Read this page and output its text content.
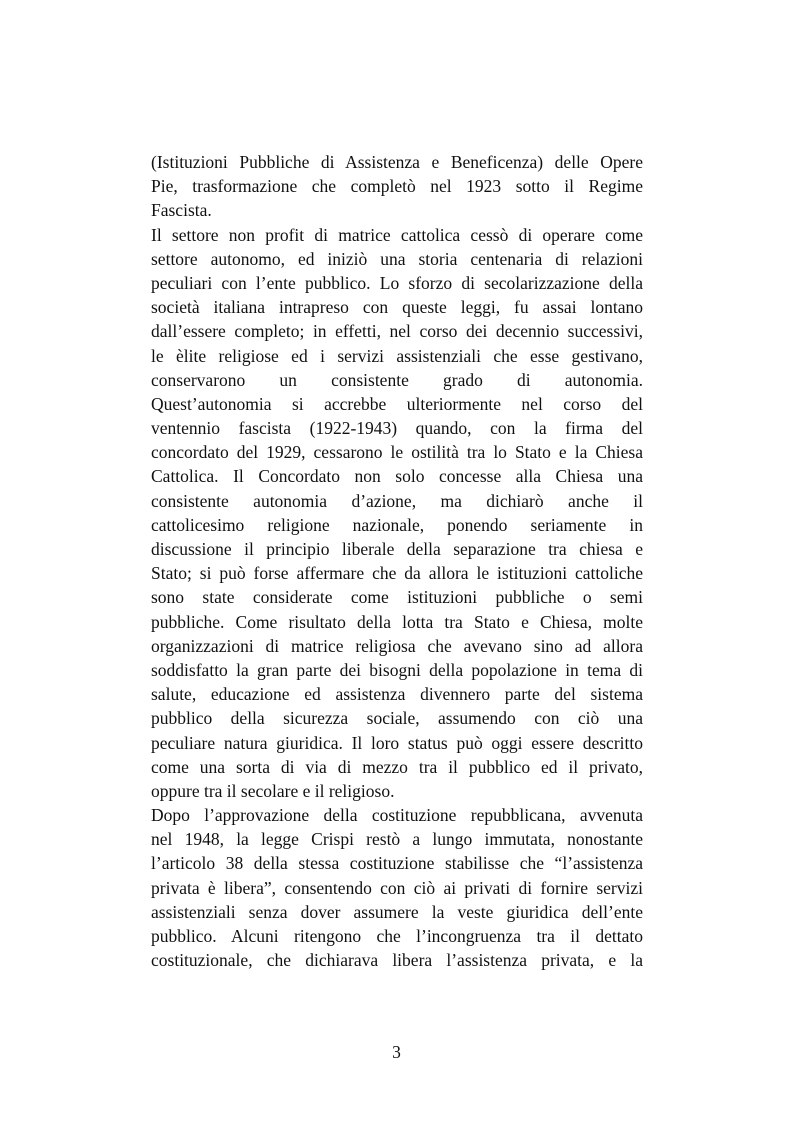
(Istituzioni Pubbliche di Assistenza e Beneficenza) delle Opere
Pie, trasformazione che completò nel 1923 sotto il Regime
Fascista.
Il settore non profit di matrice cattolica cessò di operare come
settore autonomo, ed iniziò una storia centenaria di relazioni
peculiari con l’ente pubblico. Lo sforzo di secolarizzazione della
società italiana intrapreso con queste leggi, fu assai lontano
dall’essere completo; in effetti, nel corso dei decennio successivi,
le èlite religiose ed i servizi assistenziali che esse gestivano,
conservarono un consistente grado di autonomia.
Quest’autonomia si accrebbe ulteriormente nel corso del
ventennio fascista (1922-1943) quando, con la firma del
concordato del 1929, cessarono le ostilità tra lo Stato e la Chiesa
Cattolica. Il Concordato non solo concesse alla Chiesa una
consistente autonomia d’azione, ma dichiarò anche il
cattolicesimo religione nazionale, ponendo seriamente in
discussione il principio liberale della separazione tra chiesa e
Stato; si può forse affermare che da allora le istituzioni cattoliche
sono state considerate come istituzioni pubbliche o semi
pubbliche. Come risultato della lotta tra Stato e Chiesa, molte
organizzazioni di matrice religiosa che avevano sino ad allora
soddisfatto la gran parte dei bisogni della popolazione in tema di
salute, educazione ed assistenza divennero parte del sistema
pubblico della sicurezza sociale, assumendo con ciò una
peculiare natura giuridica. Il loro status può oggi essere descritto
come una sorta di via di mezzo tra il pubblico ed il privato,
oppure tra il secolare e il religioso.
Dopo l’approvazione della costituzione repubblicana, avvenuta
nel 1948, la legge Crispi restò a lungo immutata, nonostante
l’articolo 38 della stessa costituzione stabilisse che “l’assistenza
privata è libera”, consentendo con ciò ai privati di fornire servizi
assistenziali senza dover assumere la veste giuridica dell’ente
pubblico. Alcuni ritengono che l’incongruenza tra il dettato
costituzionale, che dichiarava libera l’assistenza privata, e la
3
